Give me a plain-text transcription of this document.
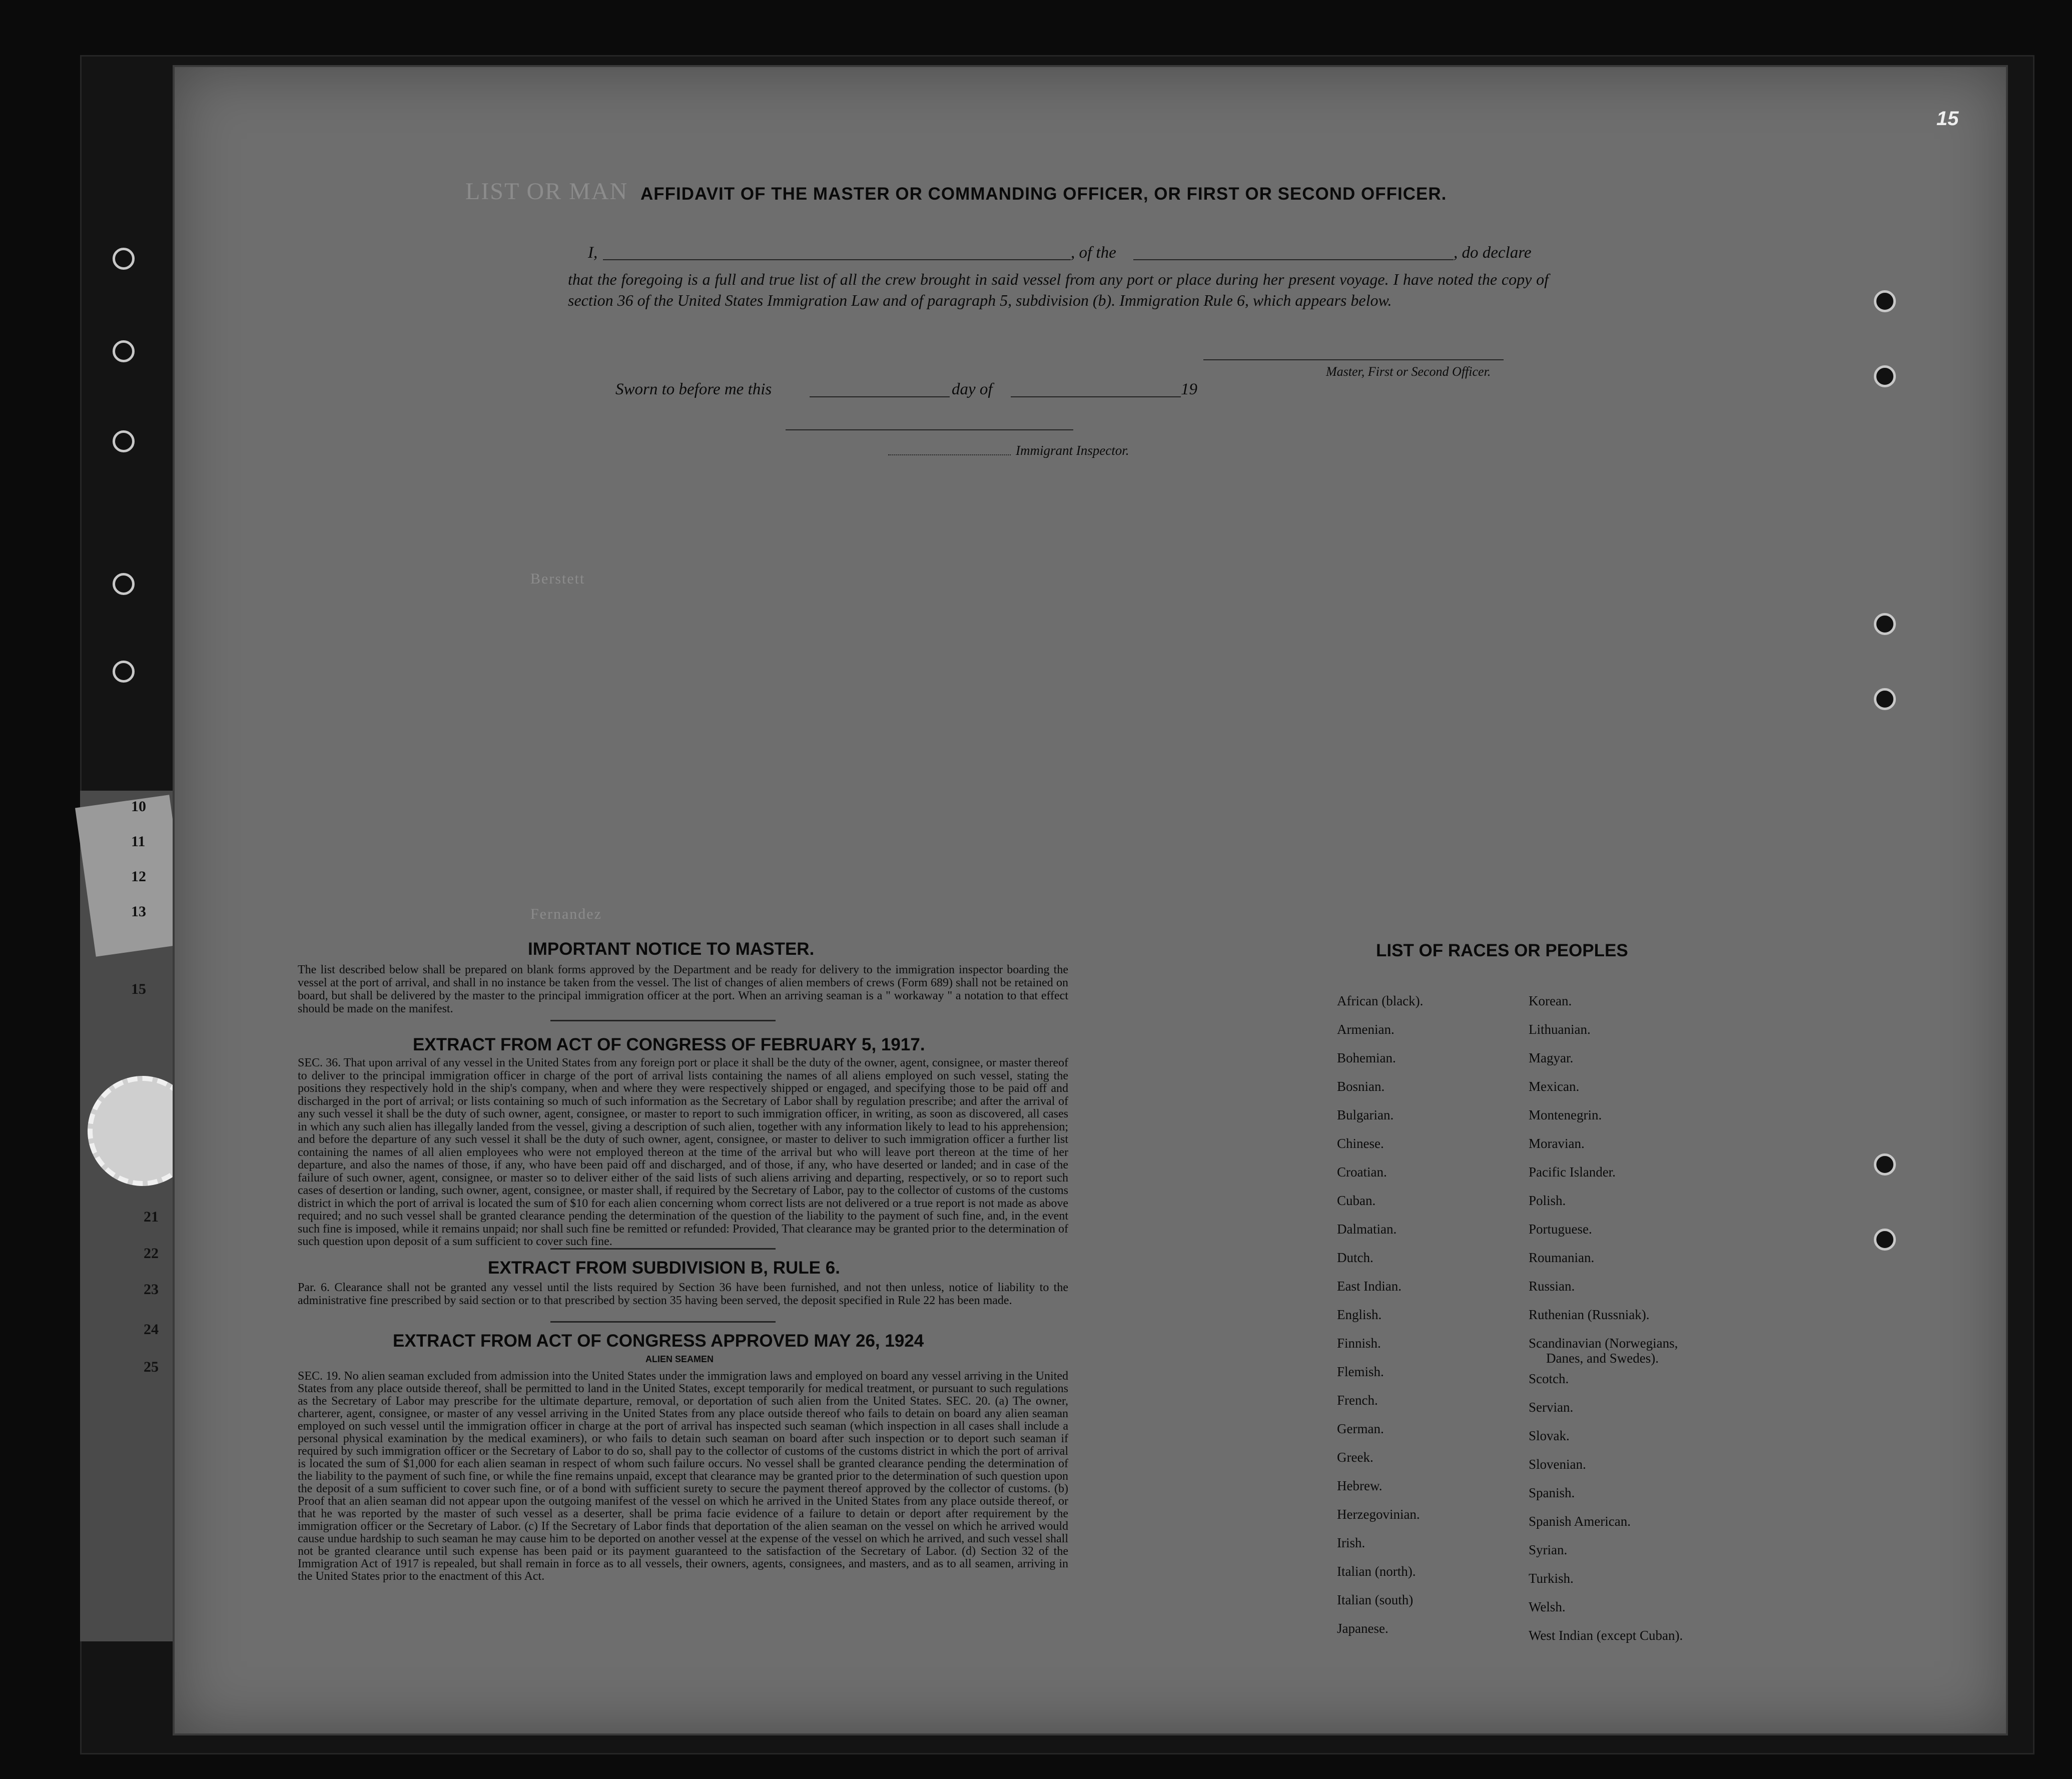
10
11
12
13
15
21
22
23
24
25
15
AFFIDAVIT OF THE MASTER OR COMMANDING OFFICER, OR FIRST OR SECOND OFFICER.
I,	, of the	, do declare
that the foregoing is a full and true list of all the crew brought in said vessel from any port or place during her present voyage. I have noted the copy of section 36 of the United States Immigration Law and of paragraph 5, subdivision (b). Immigration Rule 6, which appears below.
Master, First or Second Officer.
Sworn to before me this	day of	19
Immigrant Inspector.
LIST OR MAN
Berstett
Fernandez
IMPORTANT NOTICE TO MASTER.
The list described below shall be prepared on blank forms approved by the Department and be ready for delivery to the immigration inspector boarding the vessel at the port of arrival, and shall in no instance be taken from the vessel. The list of changes of alien members of crews (Form 689) shall not be retained on board, but shall be delivered by the master to the principal immigration officer at the port. When an arriving seaman is a " workaway " a notation to that effect should be made on the manifest.
EXTRACT FROM ACT OF CONGRESS OF FEBRUARY 5, 1917.
SEC. 36. That upon arrival of any vessel in the United States from any foreign port or place it shall be the duty of the owner, agent, consignee, or master thereof to deliver to the principal immigration officer in charge of the port of arrival lists containing the names of all aliens employed on such vessel, stating the positions they respectively hold in the ship's company, when and where they were respectively shipped or engaged, and specifying those to be paid off and discharged in the port of arrival; or lists containing so much of such information as the Secretary of Labor shall by regulation prescribe; and after the arrival of any such vessel it shall be the duty of such owner, agent, consignee, or master to report to such immigration officer, in writing, as soon as discovered, all cases in which any such alien has illegally landed from the vessel, giving a description of such alien, together with any information likely to lead to his apprehension; and before the departure of any such vessel it shall be the duty of such owner, agent, consignee, or master to deliver to such immigration officer a further list containing the names of all alien employees who were not employed thereon at the time of the arrival but who will leave port thereon at the time of her departure, and also the names of those, if any, who have been paid off and discharged, and of those, if any, who have deserted or landed; and in case of the failure of such owner, agent, consignee, or master so to deliver either of the said lists of such aliens arriving and departing, respectively, or so to report such cases of desertion or landing, such owner, agent, consignee, or master shall, if required by the Secretary of Labor, pay to the collector of customs of the customs district in which the port of arrival is located the sum of $10 for each alien concerning whom correct lists are not delivered or a true report is not made as above required; and no such vessel shall be granted clearance pending the determination of the question of the liability to the payment of such fine, and, in the event such fine is imposed, while it remains unpaid; nor shall such fine be remitted or refunded: Provided, That clearance may be granted prior to the determination of such question upon deposit of a sum sufficient to cover such fine.
EXTRACT FROM SUBDIVISION B, RULE 6.
Par. 6. Clearance shall not be granted any vessel until the lists required by Section 36 have been furnished, and not then unless, notice of liability to the administrative fine prescribed by said section or to that prescribed by section 35 having been served, the deposit specified in Rule 22 has been made.
EXTRACT FROM ACT OF CONGRESS APPROVED MAY 26, 1924
ALIEN SEAMEN
SEC. 19. No alien seaman excluded from admission into the United States under the immigration laws and employed on board any vessel arriving in the United States from any place outside thereof, shall be permitted to land in the United States, except temporarily for medical treatment, or pursuant to such regulations as the Secretary of Labor may prescribe for the ultimate departure, removal, or deportation of such alien from the United States. SEC. 20. (a) The owner, charterer, agent, consignee, or master of any vessel arriving in the United States from any place outside thereof who fails to detain on board any alien seaman employed on such vessel until the immigration officer in charge at the port of arrival has inspected such seaman (which inspection in all cases shall include a personal physical examination by the medical examiners), or who fails to detain such seaman on board after such inspection or to deport such seaman if required by such immigration officer or the Secretary of Labor to do so, shall pay to the collector of customs of the customs district in which the port of arrival is located the sum of $1,000 for each alien seaman in respect of whom such failure occurs. No vessel shall be granted clearance pending the determination of the liability to the payment of such fine, or while the fine remains unpaid, except that clearance may be granted prior to the determination of such question upon the deposit of a sum sufficient to cover such fine, or of a bond with sufficient surety to secure the payment thereof approved by the collector of customs. (b) Proof that an alien seaman did not appear upon the outgoing manifest of the vessel on which he arrived in the United States from any place outside thereof, or that he was reported by the master of such vessel as a deserter, shall be prima facie evidence of a failure to detain or deport after requirement by the immigration officer or the Secretary of Labor. (c) If the Secretary of Labor finds that deportation of the alien seaman on the vessel on which he arrived would cause undue hardship to such seaman he may cause him to be deported on another vessel at the expense of the vessel on which he arrived, and such vessel shall not be granted clearance until such expense has been paid or its payment guaranteed to the satisfaction of the Secretary of Labor. (d) Section 32 of the Immigration Act of 1917 is repealed, but shall remain in force as to all vessels, their owners, agents, consignees, and masters, and as to all seamen, arriving in the United States prior to the enactment of this Act.
LIST OF RACES OR PEOPLES
African (black).
Armenian.
Bohemian.
Bosnian.
Bulgarian.
Chinese.
Croatian.
Cuban.
Dalmatian.
Dutch.
East Indian.
English.
Finnish.
Flemish.
French.
German.
Greek.
Hebrew.
Herzegovinian.
Irish.
Italian (north).
Italian (south)
Japanese.
Korean.
Lithuanian.
Magyar.
Mexican.
Montenegrin.
Moravian.
Pacific Islander.
Polish.
Portuguese.
Roumanian.
Russian.
Ruthenian (Russniak).
Scandinavian (Norwegians,
Danes, and Swedes).
Scotch.
Servian.
Slovak.
Slovenian.
Spanish.
Spanish American.
Syrian.
Turkish.
Welsh.
West Indian (except Cuban).
